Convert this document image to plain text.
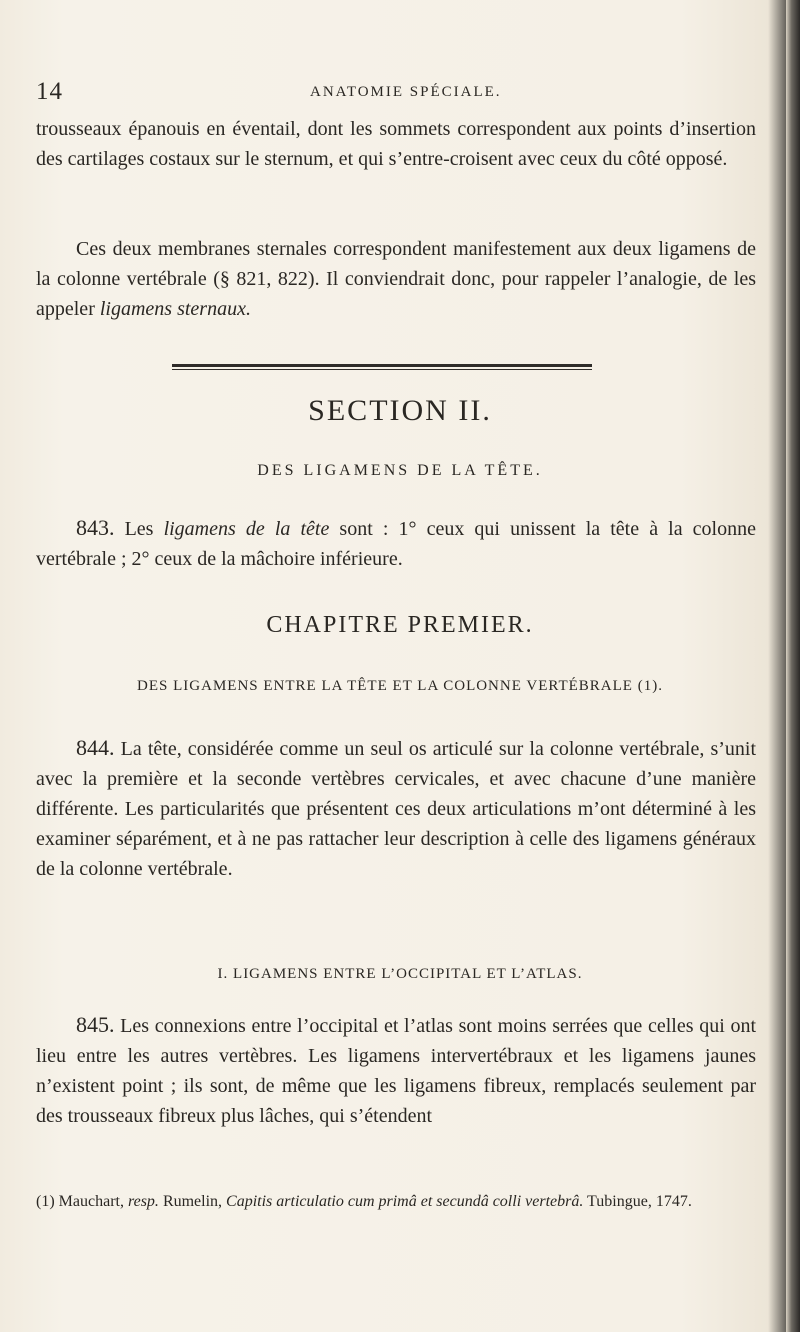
14	ANATOMIE SPÉCIALE.
trousseaux épanouis en éventail, dont les sommets correspondent aux points d’insertion des cartilages costaux sur le sternum, et qui s’entre-croisent avec ceux du côté opposé.
Ces deux membranes sternales correspondent manifestement aux deux ligamens de la colonne vertébrale (§ 821, 822). Il conviendrait donc, pour rappeler l’analogie, de les appeler ligamens sternaux.
SECTION II.
DES LIGAMENS DE LA TÊTE.
843. Les ligamens de la tête sont : 1° ceux qui unissent la tête à la colonne vertébrale ; 2° ceux de la mâchoire inférieure.
CHAPITRE PREMIER.
DES LIGAMENS ENTRE LA TÊTE ET LA COLONNE VERTÉBRALE (1).
844. La tête, considérée comme un seul os articulé sur la colonne vertébrale, s’unit avec la première et la seconde vertèbres cervicales, et avec chacune d’une manière différente. Les particularités que présentent ces deux articulations m’ont déterminé à les examiner séparément, et à ne pas rattacher leur description à celle des ligamens généraux de la colonne vertébrale.
I. LIGAMENS ENTRE L’OCCIPITAL ET L’ATLAS.
845. Les connexions entre l’occipital et l’atlas sont moins serrées que celles qui ont lieu entre les autres vertèbres. Les ligamens intervertébraux et les ligamens jaunes n’existent point ; ils sont, de même que les ligamens fibreux, remplacés seulement par des trousseaux fibreux plus lâches, qui s’étendent
(1) Mauchart, resp. Rumelin, Capitis articulatio cum primâ et secundâ colli vertebrâ. Tubingue, 1747.
